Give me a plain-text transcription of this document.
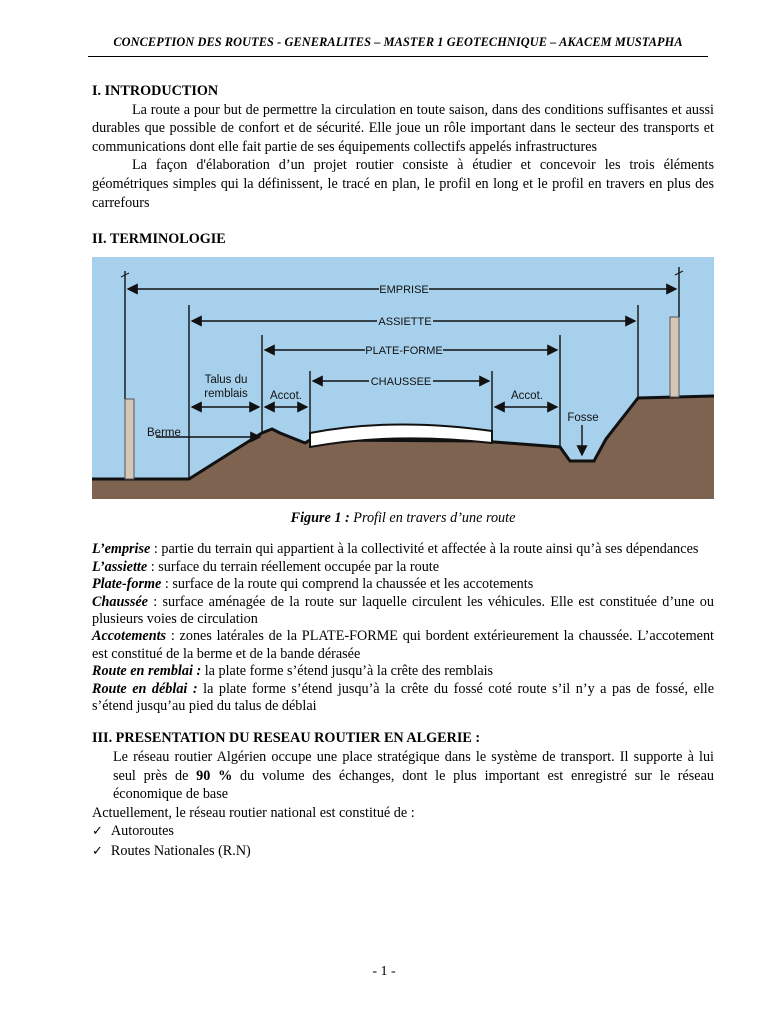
CONCEPTION DES ROUTES - GENERALITES – MASTER 1 GEOTECHNIQUE – AKACEM MUSTAPHA
I. INTRODUCTION

La route a pour but de permettre la circulation en toute saison, dans des conditions suffisantes et aussi durables que possible de confort et de sécurité. Elle joue un rôle important dans le secteur des transports et communications dont elle fait partie de ses équipements collectifs appelés infrastructures

La façon d'élaboration d’un projet routier consiste à étudier et concevoir les trois éléments géométriques simples qui la définissent, le tracé en plan, le profil en long et le profil en travers en plus des carrefours

II. TERMINOLOGIE
EMPRISE
ASSIETTE
PLATE-FORME
CHAUSSEE
Talus du
remblais Accot.	Accot.
Berme
Fosse

Figure 1 : Profil en travers d’une route

L’emprise : partie du terrain qui appartient à la collectivité et affectée à la route ainsi qu’à ses dépendances

L’assiette : surface du terrain réellement occupée par la route

Plate-forme : surface de la route qui comprend la chaussée et les accotements

Chaussée : surface aménagée de la route sur laquelle circulent les véhicules. Elle est constituée d’une ou plusieurs voies de circulation

Accotements : zones latérales de la PLATE-FORME qui bordent extérieurement la chaussée. L’accotement est constitué de la berme et de la bande dérasée

Route en remblai : la plate forme s’étend jusqu’à la crête des remblais

Route en déblai : la plate forme s’étend jusqu’à la crête du fossé coté route s’il n’y a pas de fossé, elle s’étend jusqu’au pied du talus de déblai

III. PRESENTATION DU RESEAU ROUTIER EN ALGERIE :

Le réseau routier Algérien occupe une place stratégique dans le système de transport. Il supporte à lui seul près de 90 % du volume des échanges, dont le plus important est enregistré sur le réseau économique de base

Actuellement, le réseau routier national est constitué de :

✓ Autoroutes
✓ Routes Nationales (R.N)
- 1 -
